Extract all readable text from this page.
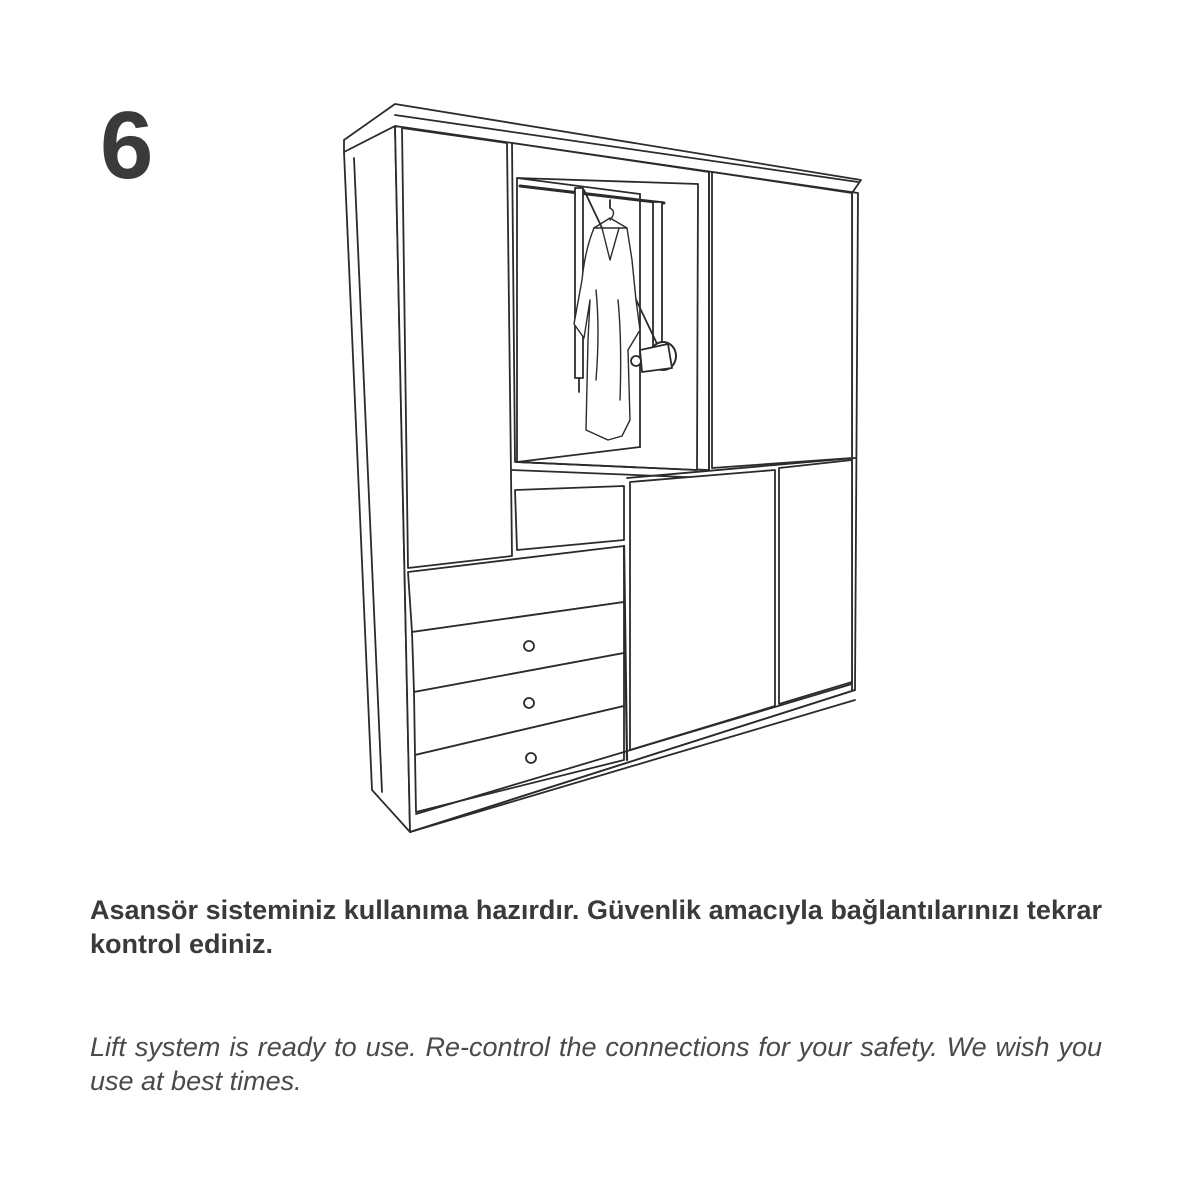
6

Asansör sisteminiz kullanıma hazırdır. Güvenlik amacıyla bağlantılarınızı tekrar kontrol ediniz.

Lift system is ready to use. Re-control the connections for your safety. We wish you use at best times.
